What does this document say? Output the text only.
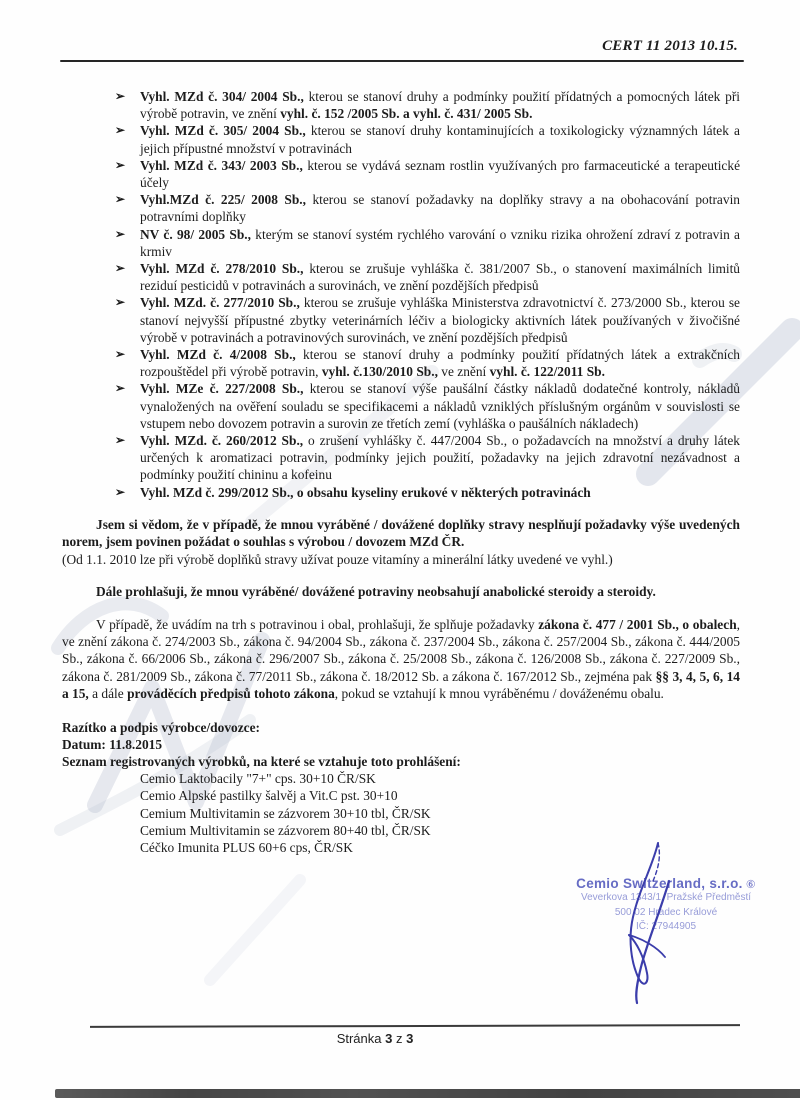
CERT 11 2013 10.15.
➢ Vyhl. MZd č. 304/ 2004 Sb., kterou se stanoví druhy a podmínky použití přídatných a pomocných látek při výrobě potravin, ve znění vyhl. č. 152 /2005 Sb. a vyhl. č. 431/ 2005 Sb.
➢ Vyhl. MZd č. 305/ 2004 Sb., kterou se stanoví druhy kontaminujících a toxikologicky významných látek a jejich přípustné množství v potravinách
➢ Vyhl. MZd č. 343/ 2003 Sb., kterou se vydává seznam rostlin využívaných pro farmaceutické a terapeutické účely
➢ Vyhl.MZd č. 225/ 2008 Sb., kterou se stanoví požadavky na doplňky stravy a na obohacování potravin potravními doplňky
➢ NV č. 98/ 2005 Sb., kterým se stanoví systém rychlého varování o vzniku rizika ohrožení zdraví z potravin a krmiv
➢ Vyhl. MZd č. 278/2010 Sb., kterou se zrušuje vyhláška č. 381/2007 Sb., o stanovení maximálních limitů reziduí pesticidů v potravinách a surovinách, ve znění pozdějších předpisů
➢ Vyhl. MZd. č. 277/2010 Sb., kterou se zrušuje vyhláška Ministerstva zdravotnictví č. 273/2000 Sb., kterou se stanoví nejvyšší přípustné zbytky veterinárních léčiv a biologicky aktivních látek používaných v živočišné výrobě v potravinách a potravinových surovinách, ve znění pozdějších předpisů
➢ Vyhl. MZd č. 4/2008 Sb., kterou se stanoví druhy a podmínky použití přídatných látek a extrakčních rozpouštědel při výrobě potravin, vyhl. č.130/2010 Sb., ve znění vyhl. č. 122/2011 Sb.
➢ Vyhl. MZe č. 227/2008 Sb., kterou se stanoví výše paušální částky nákladů dodatečné kontroly, nákladů vynaložených na ověření souladu se specifikacemi a nákladů vzniklých příslušným orgánům v souvislosti se vstupem nebo dovozem potravin a surovin ze třetích zemí (vyhláška o paušálních nákladech)
➢ Vyhl. MZd. č. 260/2012 Sb., o zrušení vyhlášky č. 447/2004 Sb., o požadavcích na množství a druhy látek určených k aromatizaci potravin, podmínky jejich použití, požadavky na jejich zdravotní nezávadnost a podmínky použití chininu a kofeinu
➢ Vyhl. MZd č. 299/2012 Sb., o obsahu kyseliny erukové v některých potravinách
Jsem si vědom, že v případě, že mnou vyráběné / dovážené doplňky stravy nesplňují požadavky výše uvedených norem, jsem povinen požádat o souhlas s výrobou / dovozem MZd ČR.
(Od 1.1. 2010 lze při výrobě doplňků stravy užívat pouze vitamíny a minerální látky uvedené ve vyhl.)
Dále prohlašuji, že mnou vyráběné/ dovážené potraviny neobsahují anabolické steroidy a steroidy.
V případě, že uvádím na trh s potravinou i obal, prohlašuji, že splňuje požadavky zákona č. 477 / 2001 Sb., o obalech, ve znění zákona č. 274/2003 Sb., zákona č. 94/2004 Sb., zákona č. 237/2004 Sb., zákona č. 257/2004 Sb., zákona č. 444/2005 Sb., zákona č. 66/2006 Sb., zákona č. 296/2007 Sb., zákona č. 25/2008 Sb., zákona č. 126/2008 Sb., zákona č. 227/2009 Sb., zákona č. 281/2009 Sb., zákona č. 77/2011 Sb., zákona č. 18/2012 Sb. a zákona č. 167/2012 Sb., zejména pak §§ 3, 4, 5, 6, 14 a 15, a dále prováděcích předpisů tohoto zákona, pokud se vztahují k mnou vyráběnému / dováženému obalu.
Razítko a podpis výrobce/dovozce:
Datum: 11.8.2015
Seznam registrovaných výrobků, na které se vztahuje toto prohlášení:
Cemio Laktobacily "7+" cps. 30+10 ČR/SK
Cemio Alpské pastilky šalvěj a Vit.C pst. 30+10
Cemium Multivitamin se zázvorem 30+10 tbl, ČR/SK
Cemium Multivitamin se zázvorem 80+40 tbl, ČR/SK
Céčko Imunita PLUS 60+6 cps, ČR/SK
Cemio Switzerland, s.r.o. ⑥
Veverkova 1343/1, Pražské Předměstí
500 02 Hradec Králové
IČ: 27944905
Stránka 3 z 3
